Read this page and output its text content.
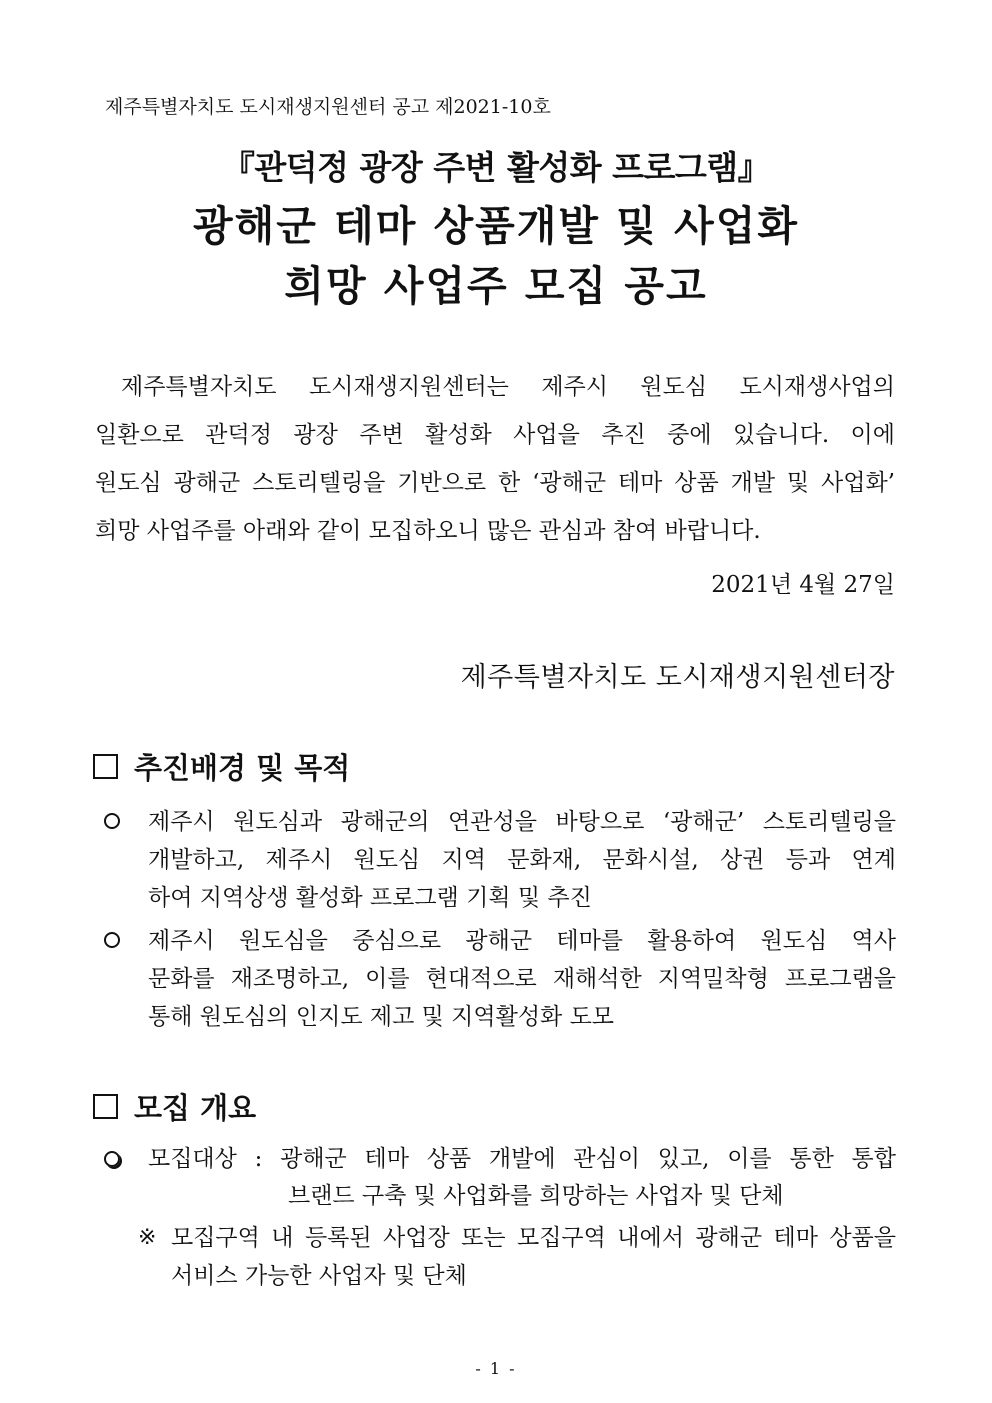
제주특별자치도 도시재생지원센터 공고 제2021-10호
『관덕정 광장 주변 활성화 프로그램』
광해군 테마 상품개발 및 사업화
희망 사업주 모집 공고
제주특별자치도 도시재생지원센터는 제주시 원도심 도시재생사업의
일환으로 관덕정 광장 주변 활성화 사업을 추진 중에 있습니다. 이에
원도심 광해군 스토리텔링을 기반으로 한 ‘광해군 테마 상품 개발 및 사업화’
희망 사업주를 아래와 같이 모집하오니 많은 관심과 참여 바랍니다.
2021년 4월 27일
제주특별자치도 도시재생지원센터장
추진배경 및 목적
제주시 원도심과 광해군의 연관성을 바탕으로 ‘광해군’ 스토리텔링을
개발하고, 제주시 원도심 지역 문화재, 문화시설, 상권 등과 연계
하여 지역상생 활성화 프로그램 기획 및 추진
제주시 원도심을 중심으로 광해군 테마를 활용하여 원도심 역사
문화를 재조명하고, 이를 현대적으로 재해석한 지역밀착형 프로그램을
통해 원도심의 인지도 제고 및 지역활성화 도모
모집 개요
모집대상 : 광해군 테마 상품 개발에 관심이 있고, 이를 통한 통합
브랜드 구축 및 사업화를 희망하는 사업자 및 단체
※ 모집구역 내 등록된 사업장 또는 모집구역 내에서 광해군 테마 상품을
서비스 가능한 사업자 및 단체
- 1 -
